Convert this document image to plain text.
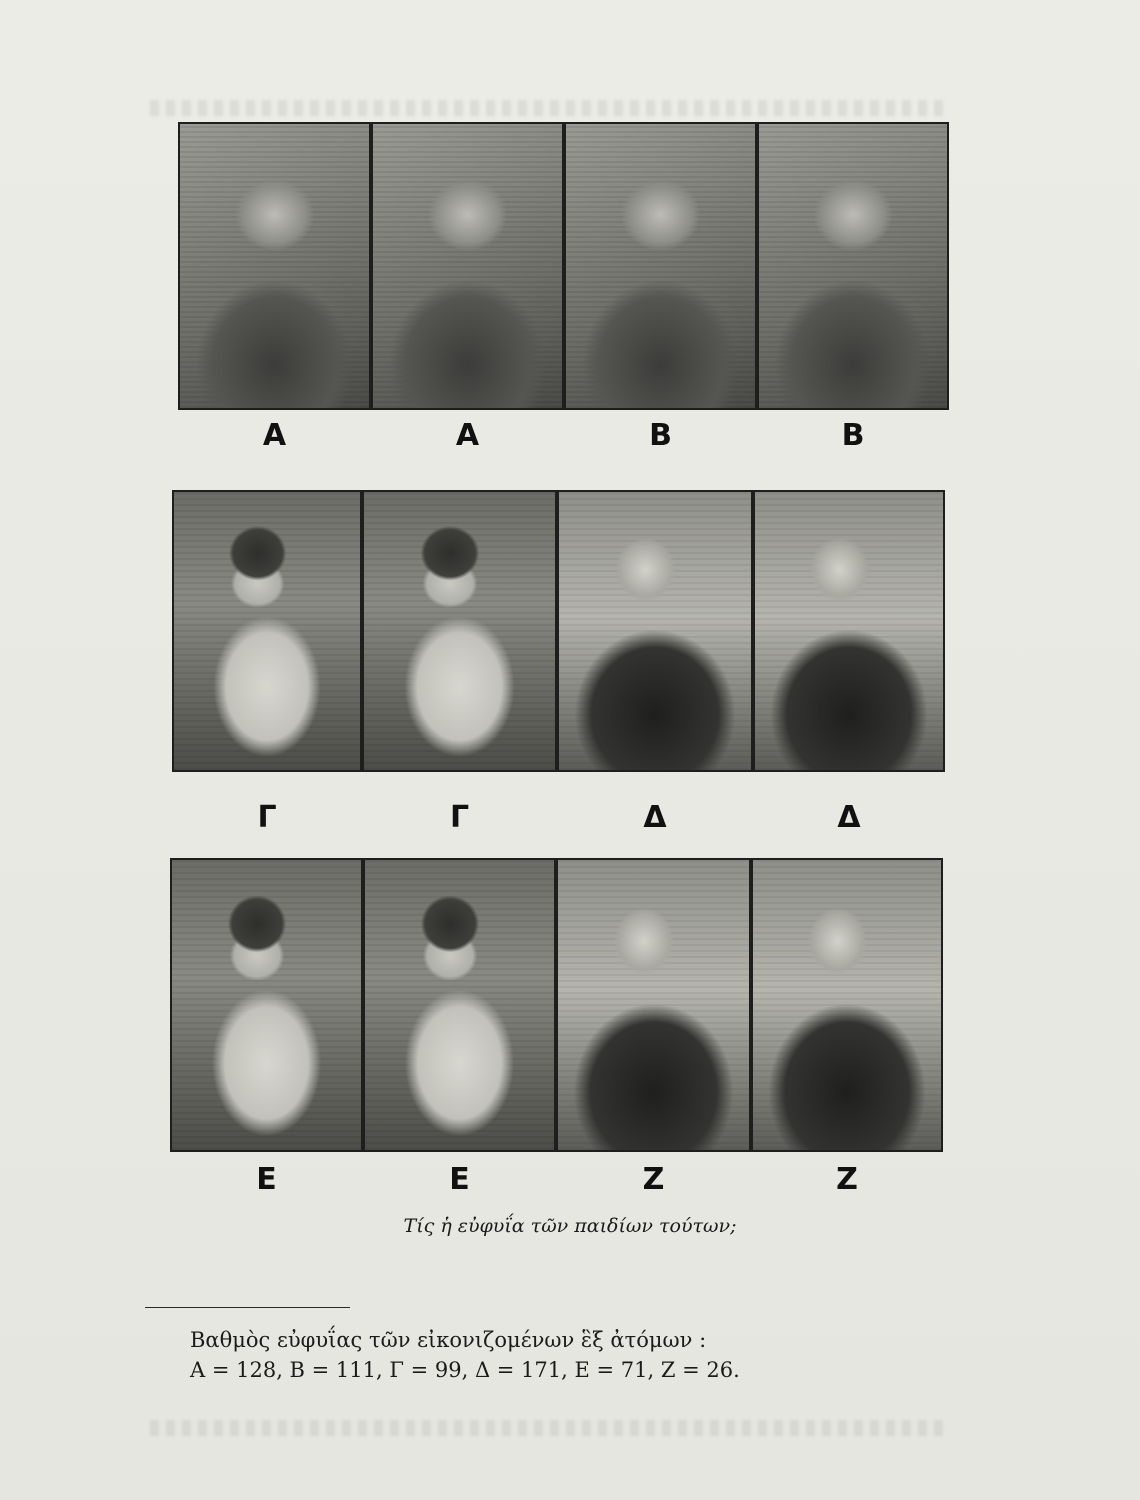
Α	Α	Β	Β
Γ	Γ	Δ	Δ
Ε	Ε	Ζ	Ζ
Τίς ἡ εὐφυΐα τῶν παιδίων τούτων;
Βαθμὸς εὐφυΐας τῶν εἰκονιζομένων ἓξ ἀτόμων :
Α = 128, Β = 111, Γ = 99, Δ = 171, Ε = 71, Ζ = 26.
